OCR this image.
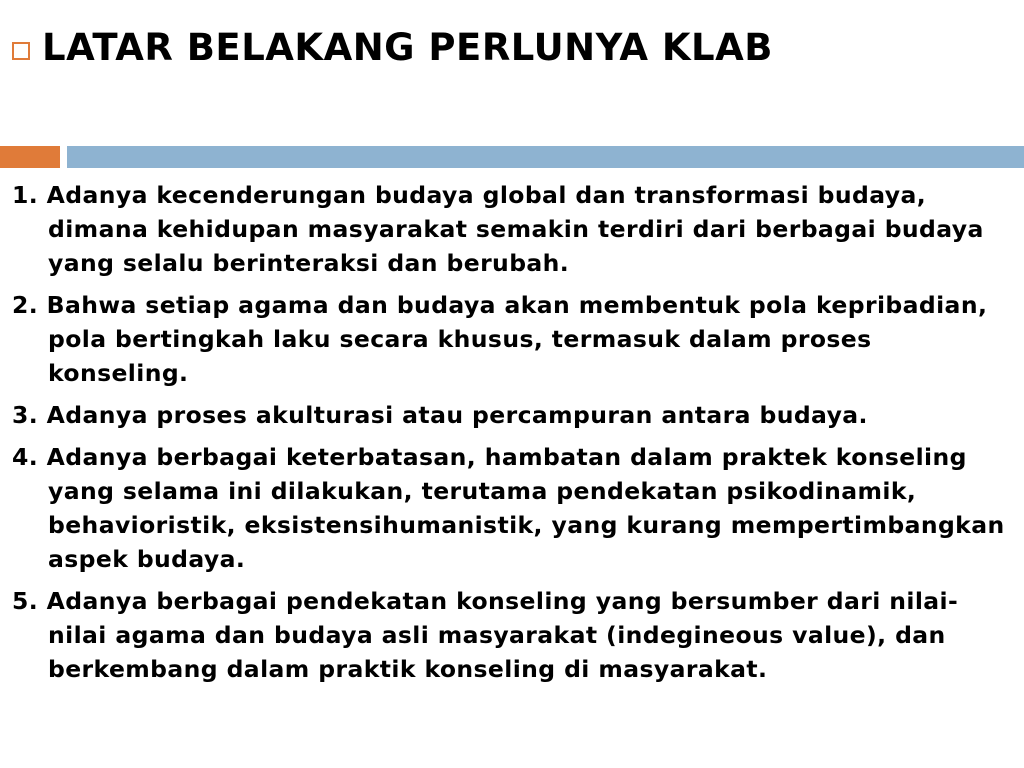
LATAR BELAKANG PERLUNYA KLAB
1. Adanya kecenderungan budaya global dan transformasi budaya, dimana kehidupan masyarakat semakin terdiri dari berbagai budaya yang selalu berinteraksi dan berubah.
2. Bahwa setiap agama dan budaya akan membentuk pola kepribadian, pola bertingkah laku secara khusus, termasuk dalam proses konseling.
3. Adanya proses akulturasi atau percampuran antara budaya.
4. Adanya berbagai keterbatasan, hambatan dalam praktek konseling yang selama ini dilakukan, terutama pendekatan psikodinamik, behavioristik, eksistensihumanistik, yang kurang mempertimbangkan aspek budaya.
5. Adanya berbagai pendekatan konseling yang bersumber dari nilai-nilai agama dan budaya asli masyarakat (indegineous value), dan berkembang dalam praktik konseling di masyarakat.
